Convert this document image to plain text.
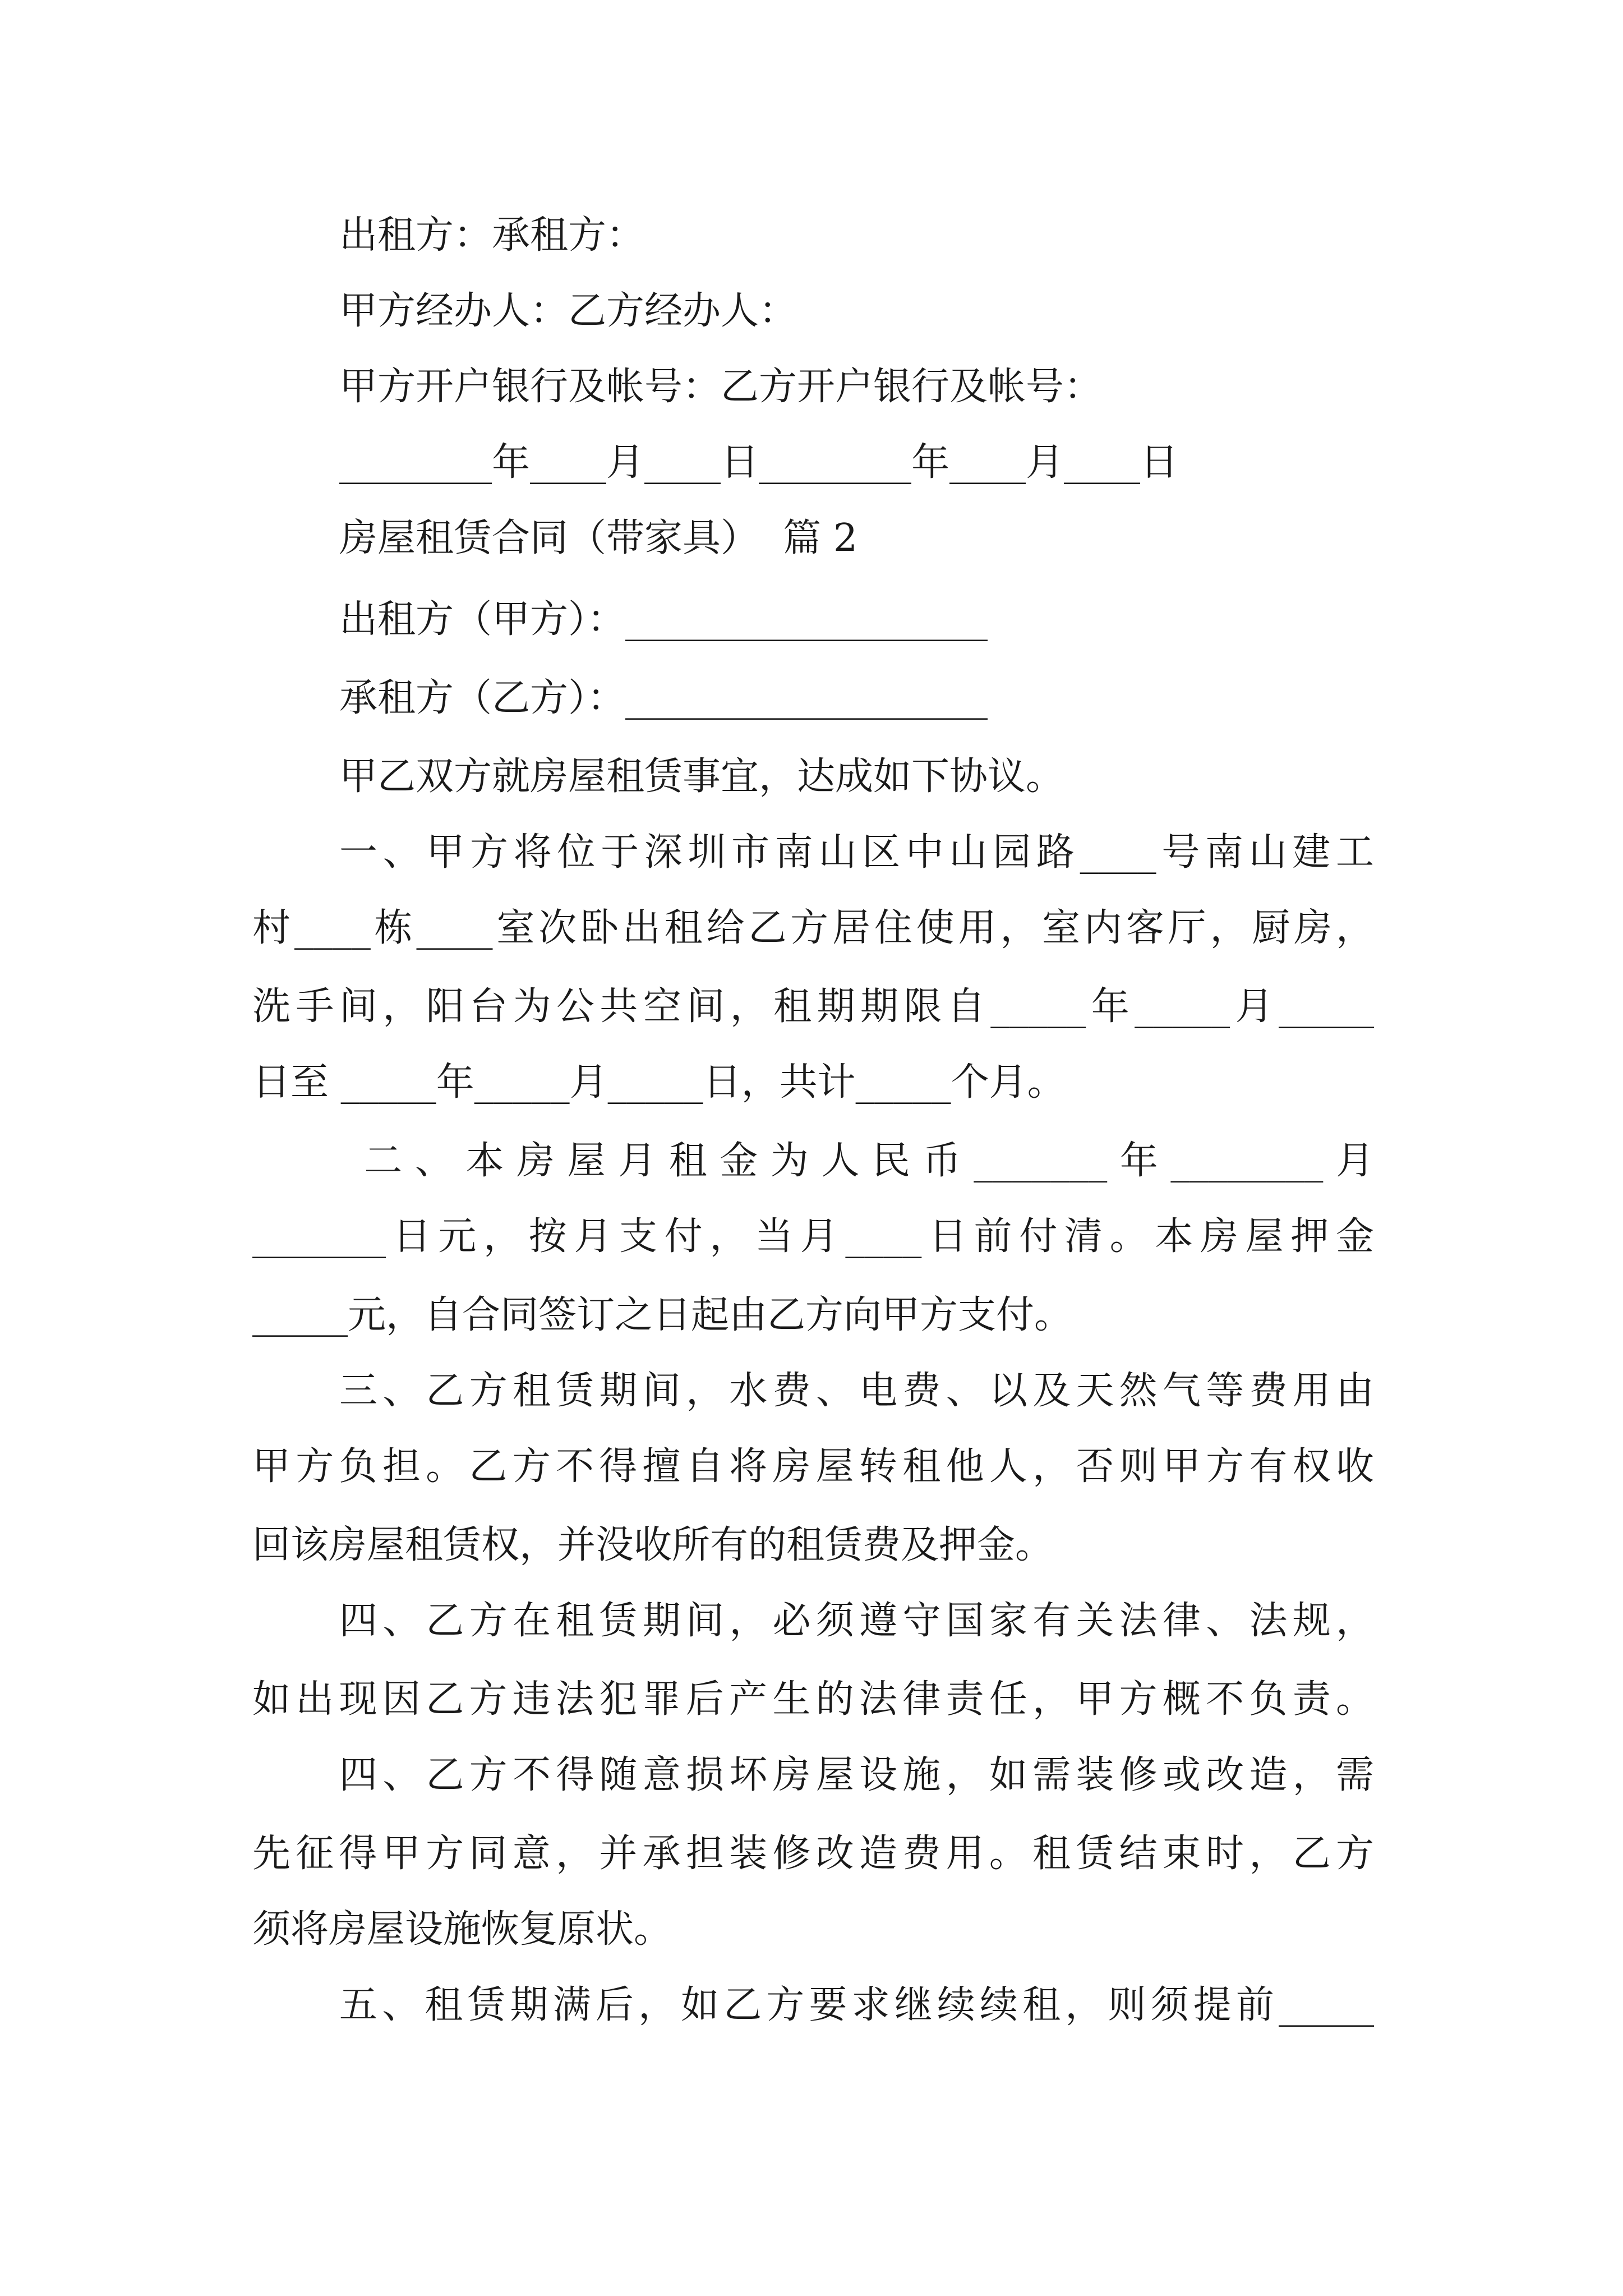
出租方：承租方：
甲方经办人：乙方经办人：
甲方开户银行及帐号：乙方开户银行及帐号：
________年____月____日________年____月____日
房屋租赁合同（带家具）  篇 2
出租方（甲方）：___________________
承租方（乙方）：___________________
甲乙双方就房屋租赁事宜，达成如下协议。
一、甲方将位于深圳市南山区中山园路____号南山建工
村____栋____室次卧出租给乙方居住使用，室内客厅，厨房，
洗手间，阳台为公共空间，租期期限自_____年_____月_____
日至 _____年_____月_____日，共计_____个月。
二、本房屋月租金为人民币_______年________月
_______日元，按月支付，当月____日前付清。本房屋押金
_____元，自合同签订之日起由乙方向甲方支付。
三、乙方租赁期间，水费、电费、以及天然气等费用由
甲方负担。乙方不得擅自将房屋转租他人，否则甲方有权收
回该房屋租赁权，并没收所有的租赁费及押金。
四、乙方在租赁期间，必须遵守国家有关法律、法规，
如出现因乙方违法犯罪后产生的法律责任，甲方概不负责。
四、乙方不得随意损坏房屋设施，如需装修或改造，需
先征得甲方同意，并承担装修改造费用。租赁结束时，乙方
须将房屋设施恢复原状。
五、租赁期满后，如乙方要求继续续租，则须提前_____
